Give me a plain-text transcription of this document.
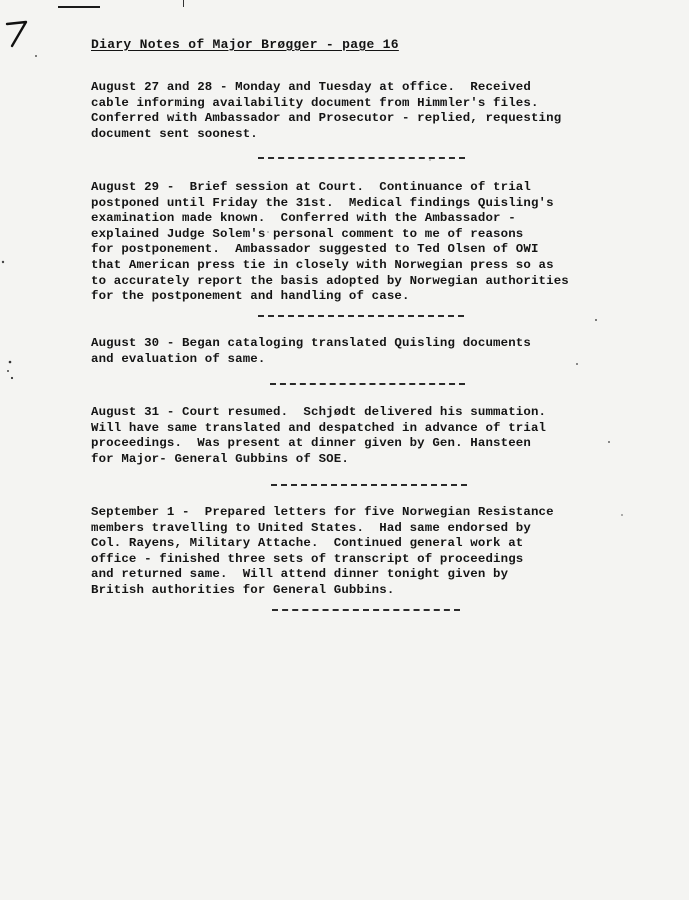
Diary Notes of Major Brøgger - page 16
August 27 and 28 - Monday and Tuesday at office.  Received
cable informing availability document from Himmler's files.
Conferred with Ambassador and Prosecutor - replied, requesting
document sent soonest.
August 29 -  Brief session at Court.  Continuance of trial
postponed until Friday the 31st.  Medical findings Quisling's
examination made known.  Conferred with the Ambassador -
explained Judge Solem's personal comment to me of reasons
for postponement.  Ambassador suggested to Ted Olsen of OWI
that American press tie in closely with Norwegian press so as
to accurately report the basis adopted by Norwegian authorities
for the postponement and handling of case.
August 30 - Began cataloging translated Quisling documents
and evaluation of same.
August 31 - Court resumed.  Schjødt delivered his summation.
Will have same translated and despatched in advance of trial
proceedings.  Was present at dinner given by Gen. Hansteen
for Major- General Gubbins of SOE.
September 1 -  Prepared letters for five Norwegian Resistance
members travelling to United States.  Had same endorsed by
Col. Rayens, Military Attache.  Continued general work at
office - finished three sets of transcript of proceedings
and returned same.  Will attend dinner tonight given by
British authorities for General Gubbins.
